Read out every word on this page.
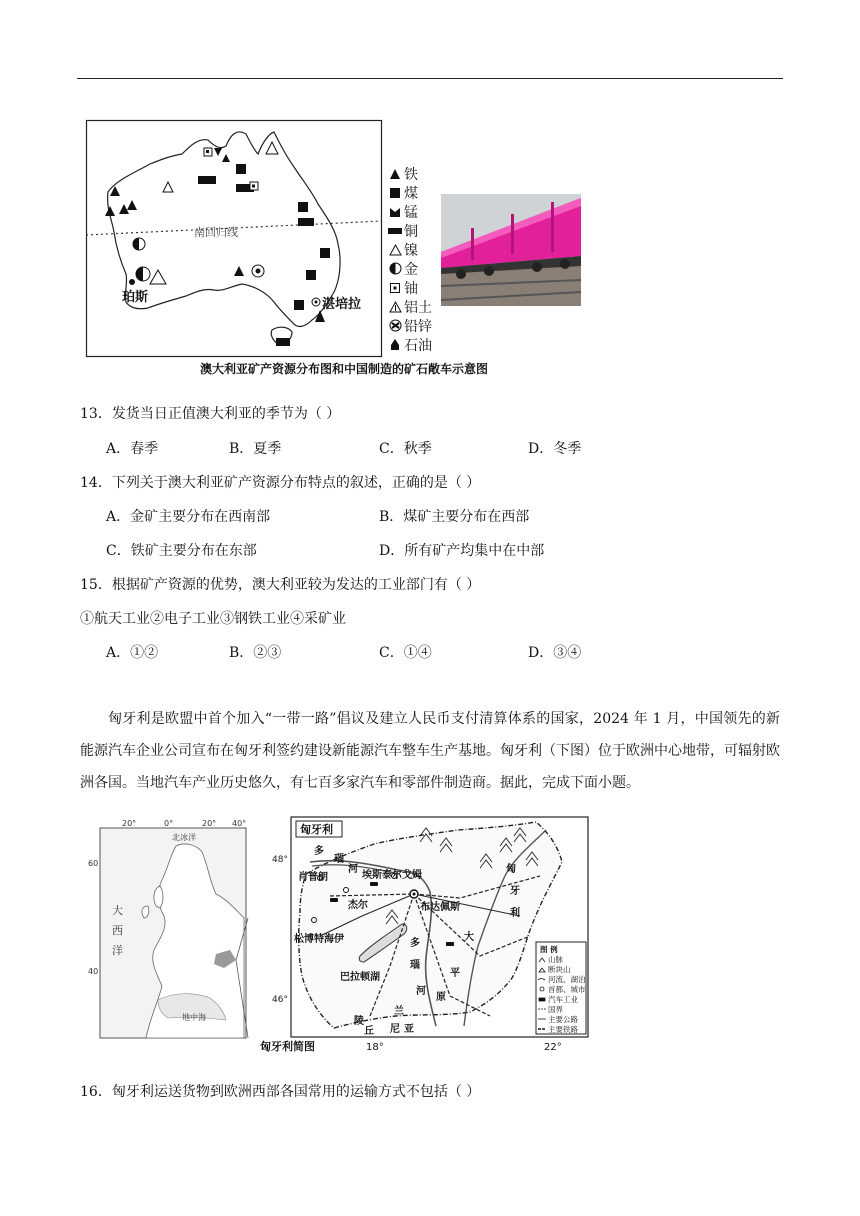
南回归线
珀斯	湛培拉
铁
煤
锰
铜
镍
金
铀
铝土
铅锌
石油
澳大利亚矿产资源分布图和中国制造的矿石敞车示意图
13．发货当日正值澳大利亚的季节为（ ）
A．春季	B．夏季	C．秋季	D．冬季
14．下列关于澳大利亚矿产资源分布特点的叙述，正确的是（ ）
A．金矿主要分布在西南部	B．煤矿主要分布在西部
C．铁矿主要分布在东部	D．所有矿产均集中在中部
15．根据矿产资源的优势，澳大利亚较为发达的工业部门有（ ）
①航天工业②电子工业③钢铁工业④采矿业
A．①②	B．②③	C．①④	D．③④
匈牙利是欧盟中首个加入“一带一路”倡议及建立人民币支付清算体系的国家，2024 年 1 月，中国领先的新能源汽车企业公司宣布在匈牙利签约建设新能源汽车整车生产基地。匈牙利（下图）位于欧洲中心地带，可辐射欧洲各国。当地汽车产业历史悠久，有七百多家汽车和零部件制造商。据此，完成下面小题。
20°	0°	20° 40°
60
40
北冰洋
地中海
大
西
洋
48°
46°
匈牙利
多
瑙
河
肖普朗	埃斯泰尔戈姆
杰尔	布达佩斯
松博特海伊
巴拉顿湖
多
瑙
河
大
平
原
陵
丘
兰
尼 亚
匈
牙
利
图 例
山脉
断块山
河流、湖泊
首都、城市
汽车工业
国界
主要公路
主要铁路
匈牙利简图	18°	22°
16．匈牙利运送货物到欧洲西部各国常用的运输方式不包括（ ）
